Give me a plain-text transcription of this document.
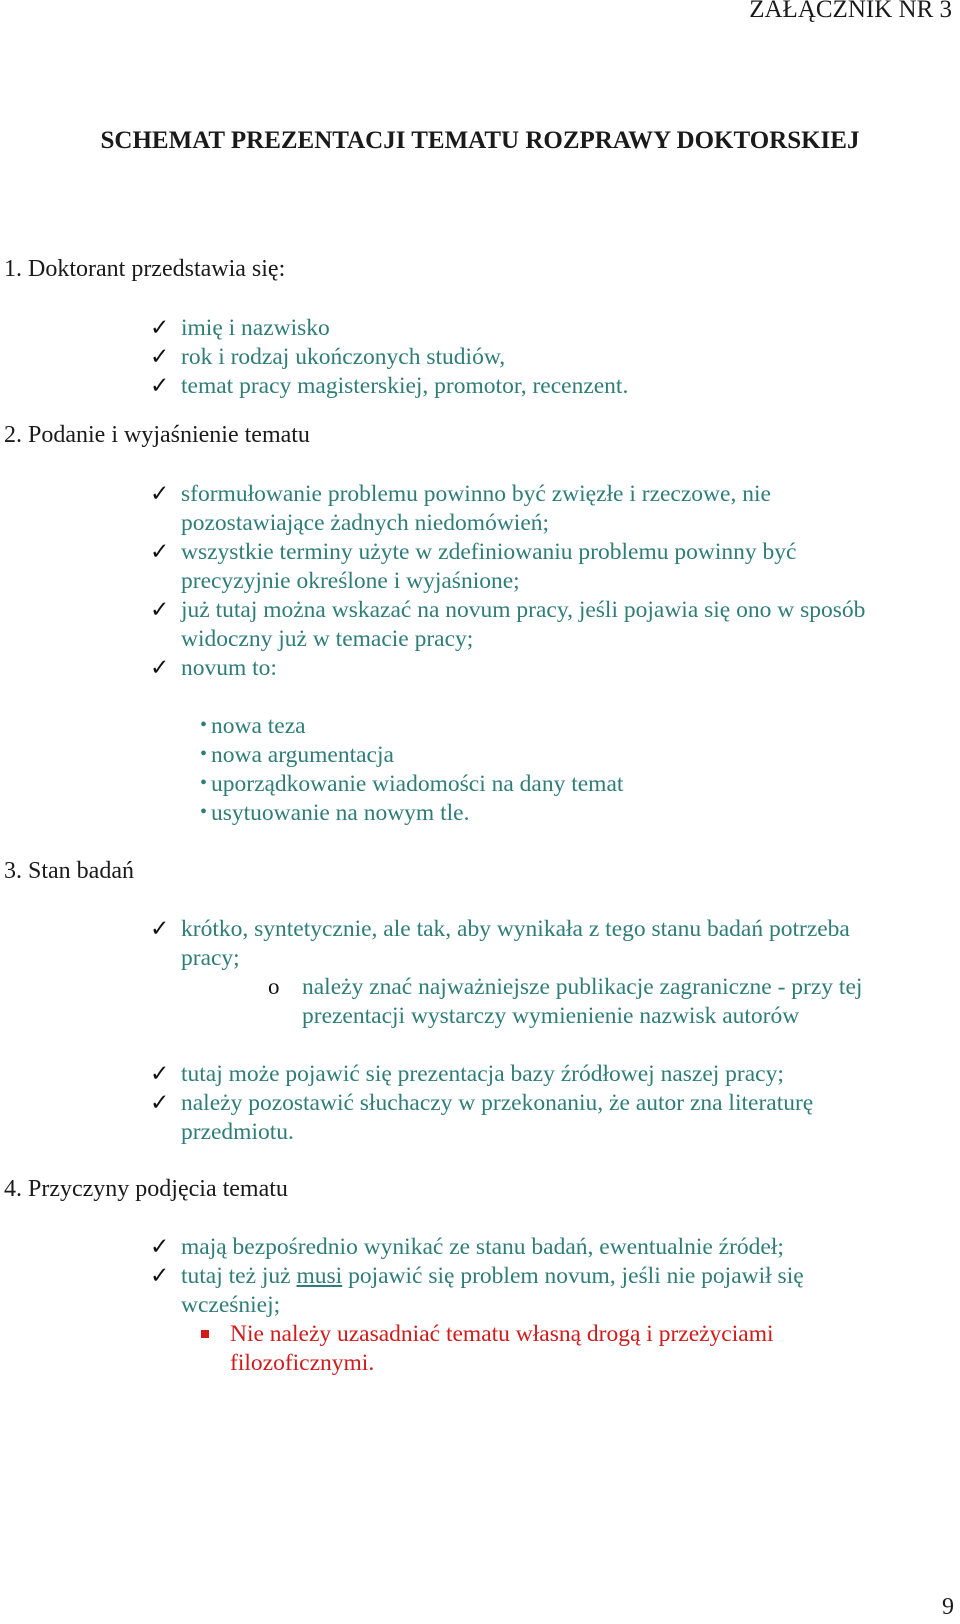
ZAŁĄCZNIK NR 3
SCHEMAT PREZENTACJI TEMATU ROZPRAWY DOKTORSKIEJ
1. Doktorant przedstawia się:
✓ imię i nazwisko
✓ rok i rodzaj ukończonych studiów,
✓ temat pracy magisterskiej, promotor, recenzent.
2. Podanie i wyjaśnienie tematu
✓ sformułowanie problemu powinno być zwięzłe i rzeczowe, nie
pozostawiające żadnych niedomówień;
✓ wszystkie terminy użyte w zdefiniowaniu problemu powinny być
precyzyjnie określone i wyjaśnione;
✓ już tutaj można wskazać na novum pracy, jeśli pojawia się ono w sposób
widoczny już w temacie pracy;
✓ novum to:
• nowa teza
• nowa argumentacja
• uporządkowanie wiadomości na dany temat
• usytuowanie na nowym tle.
3. Stan badań
✓ krótko, syntetycznie, ale tak, aby wynikała z tego stanu badań potrzeba
pracy;
o należy znać najważniejsze publikacje zagraniczne - przy tej
prezentacji wystarczy wymienienie nazwisk autorów
✓ tutaj może pojawić się prezentacja bazy źródłowej naszej pracy;
✓ należy pozostawić słuchaczy w przekonaniu, że autor zna literaturę
przedmiotu.
4. Przyczyny podjęcia tematu
✓ mają bezpośrednio wynikać ze stanu badań, ewentualnie źródeł;
✓ tutaj też już musi pojawić się problem novum, jeśli nie pojawił się
wcześniej;
Nie należy uzasadniać tematu własną drogą i przeżyciami
filozoficznymi.
9
